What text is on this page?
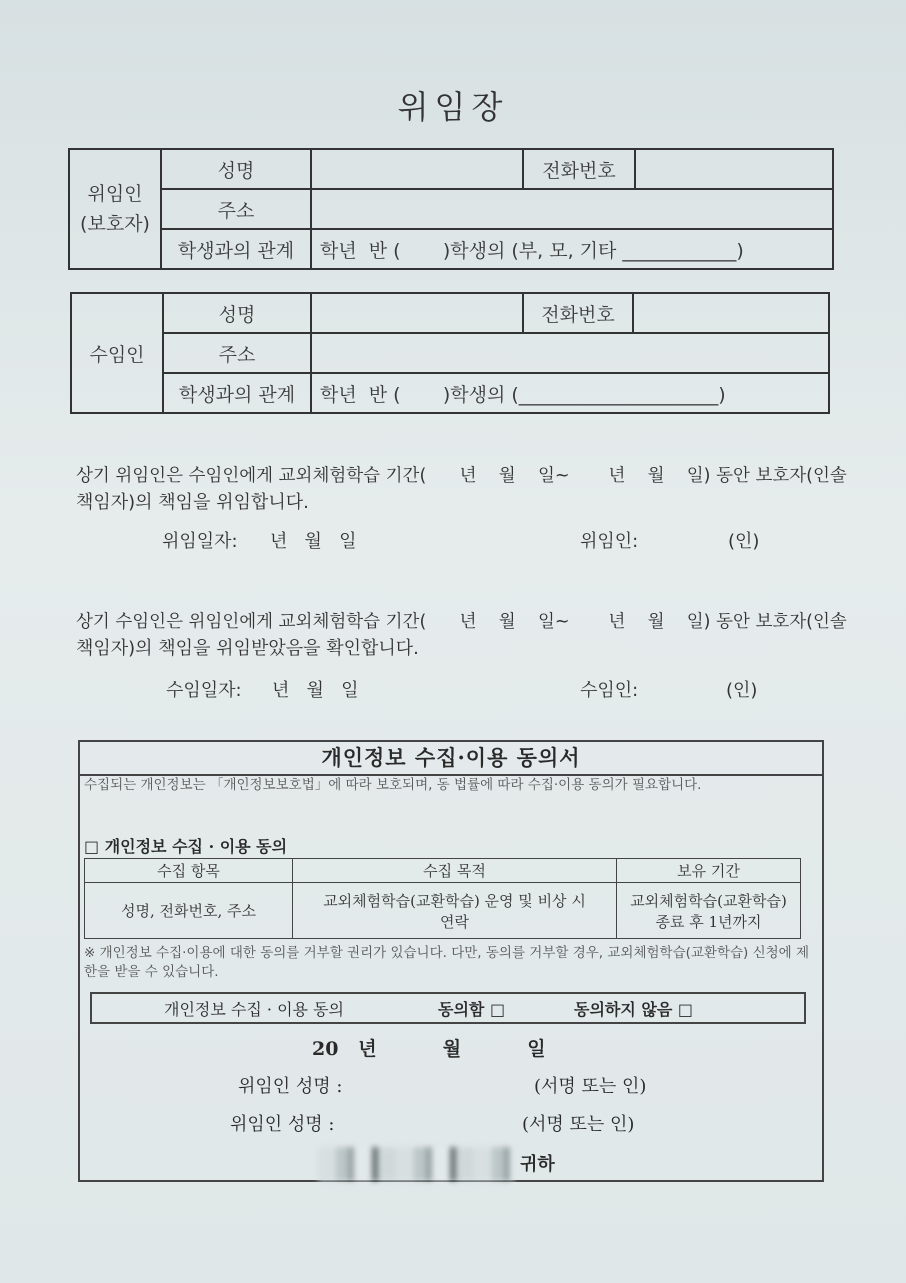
위임장
위임인
(보호자)	성명		전화번호	
	주소			
	학생과의 관계	학년  반 (       )학생의 (부, 모, 기타 ____________)		
수임인	성명		전화번호	
	주소			
	학생과의 관계	학년  반 (       )학생의 (_____________________)		
상기 위임인은 수임인에게 교외체험학습 기간(      년    월    일~       년    월    일) 동안 보호자(인솔
책임자)의 책임을 위임합니다.
위임일자: 년   월   일	위임인:	(인)
상기 수임인은 위임인에게 교외체험학습 기간(      년    월    일~       년    월    일) 동안 보호자(인솔
책임자)의 책임을 위임받았음을 확인합니다.
수임일자: 년   월   일	수임인:	(인)
개인정보 수집·이용 동의서
수집되는 개인정보는 「개인정보보호법」에 따라 보호되며, 동 법률에 따라 수집·이용 동의가 필요합니다.
□ 개인정보 수집 · 이용 동의
수집 항목	수집 목적	보유 기간
성명, 전화번호, 주소	교외체험학습(교환학습) 운영 및 비상 시 연락	교외체험학습(교환학습) 종료 후 1년까지
※ 개인정보 수집·이용에 대한 동의를 거부할 권리가 있습니다. 다만, 동의를 거부할 경우, 교외체험학습(교환학습) 신청에 제한을 받을 수 있습니다.
개인정보 수집 · 이용 동의	동의함 □	동의하지 않음 □
20   년          월          일
위임인 성명 :	(서명 또는 인)
위임인 성명 :	(서명 또는 인)
귀하
